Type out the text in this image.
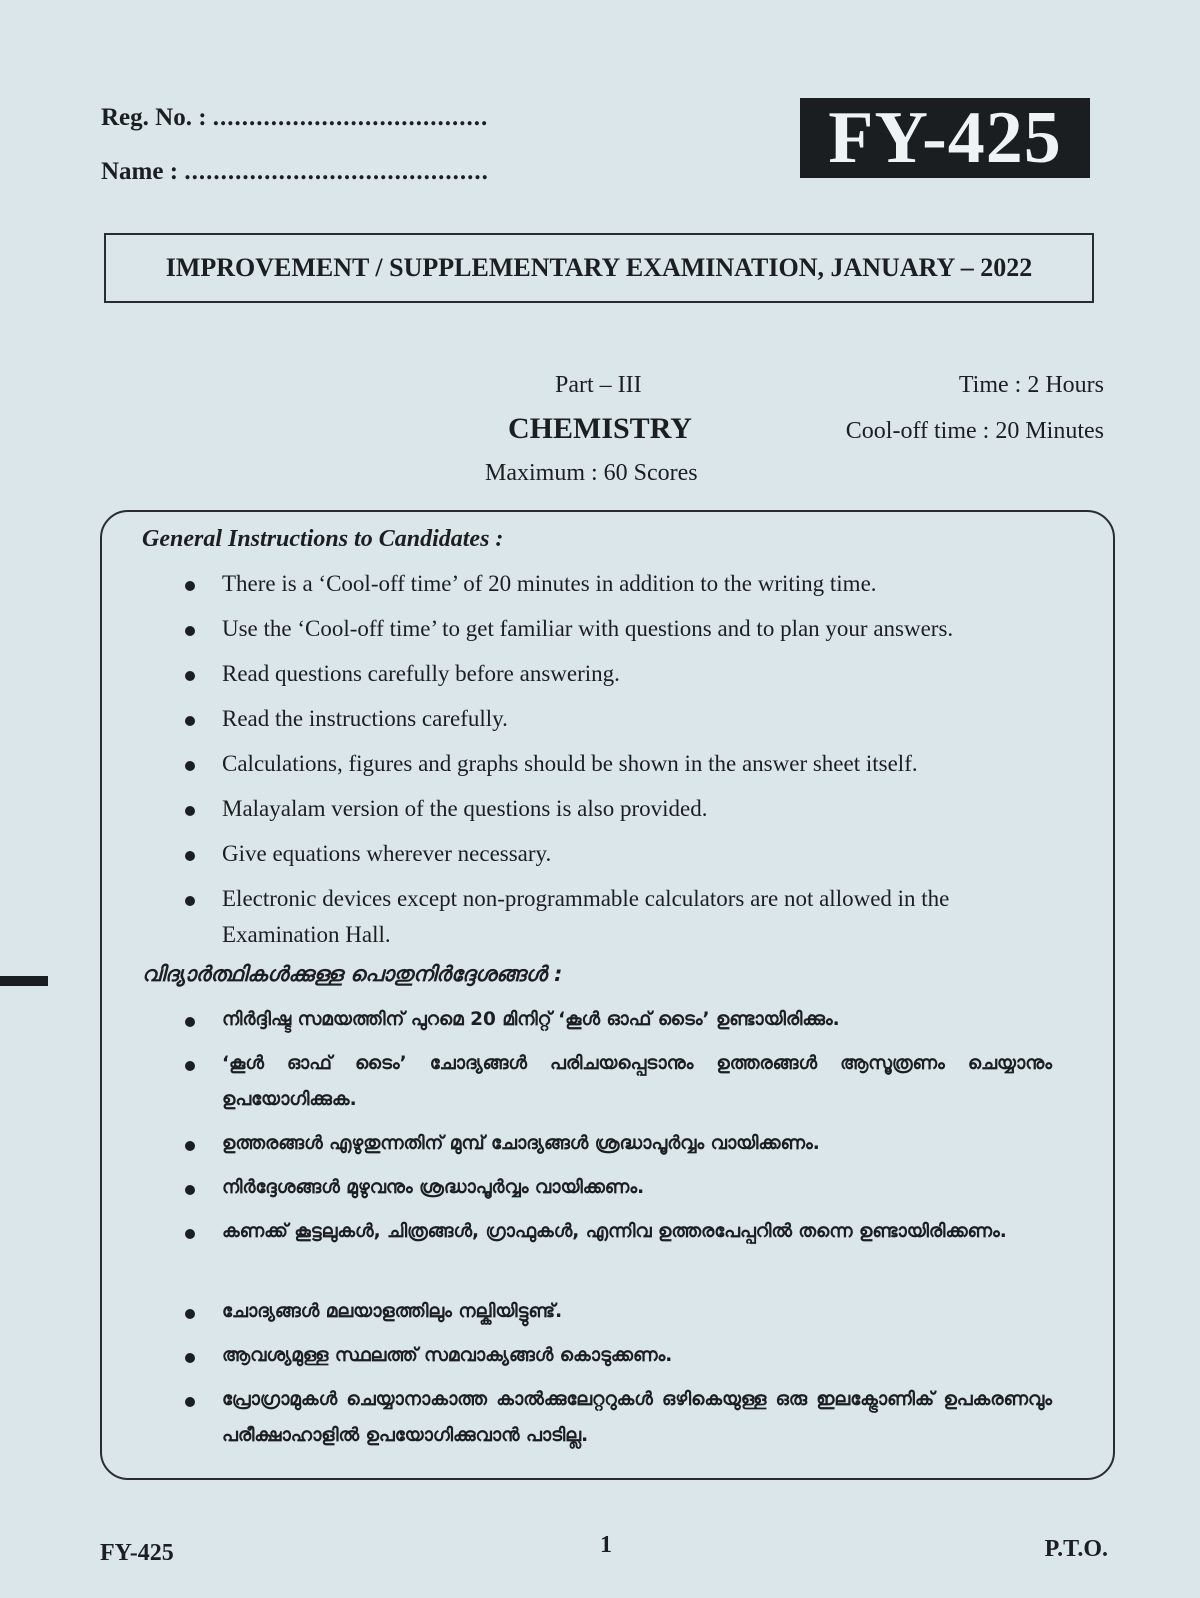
Reg. No. : ......................................
Name : ..........................................	FY-425
IMPROVEMENT / SUPPLEMENTARY EXAMINATION, JANUARY – 2022
Part – III	Time : 2 Hours
CHEMISTRY	Cool-off time : 20 Minutes
Maximum : 60 Scores
General Instructions to Candidates :
There is a ‘Cool-off time’ of 20 minutes in addition to the writing time.
Use the ‘Cool-off time’ to get familiar with questions and to plan your answers.
Read questions carefully before answering.
Read the instructions carefully.
Calculations, figures and graphs should be shown in the answer sheet itself.
Malayalam version of the questions is also provided.
Give equations wherever necessary.
Electronic devices except non-programmable calculators are not allowed in the Examination Hall.
വിദ്യാർത്ഥികൾക്കുള്ള പൊതുനിർദ്ദേശങ്ങൾ :
നിർദ്ദിഷ്ട സമയത്തിന് പുറമെ 20 മിനിറ്റ് ‘കൂൾ ഓഫ് ടൈം’ ഉണ്ടായിരിക്കും.
‘കൂൾ ഓഫ് ടൈം’ ചോദ്യങ്ങൾ പരിചയപ്പെടാനും ഉത്തരങ്ങൾ ആസൂത്രണം ചെയ്യാനും ഉപയോഗിക്കുക.
ഉത്തരങ്ങൾ എഴുതുന്നതിന് മുമ്പ് ചോദ്യങ്ങൾ ശ്രദ്ധാപൂർവ്വം വായിക്കണം.
നിർദ്ദേശങ്ങൾ മുഴുവനും ശ്രദ്ധാപൂർവ്വം വായിക്കണം.
കണക്ക് കൂട്ടലുകൾ, ചിത്രങ്ങൾ, ഗ്രാഫുകൾ, എന്നിവ ഉത്തരപേപ്പറിൽ തന്നെ ഉണ്ടായിരിക്കണം.
ചോദ്യങ്ങൾ മലയാളത്തിലും നല്കിയിട്ടുണ്ട്.
ആവശ്യമുള്ള സ്ഥലത്ത് സമവാക്യങ്ങൾ കൊടുക്കണം.
പ്രോഗ്രാമുകൾ ചെയ്യാനാകാത്ത കാൽക്കുലേറ്ററുകൾ ഒഴികെയുള്ള ഒരു ഇലക്ട്രോണിക് ഉപകരണവും പരീക്ഷാഹാളിൽ ഉപയോഗിക്കുവാൻ പാടില്ല.
FY-425	1	P.T.O.
